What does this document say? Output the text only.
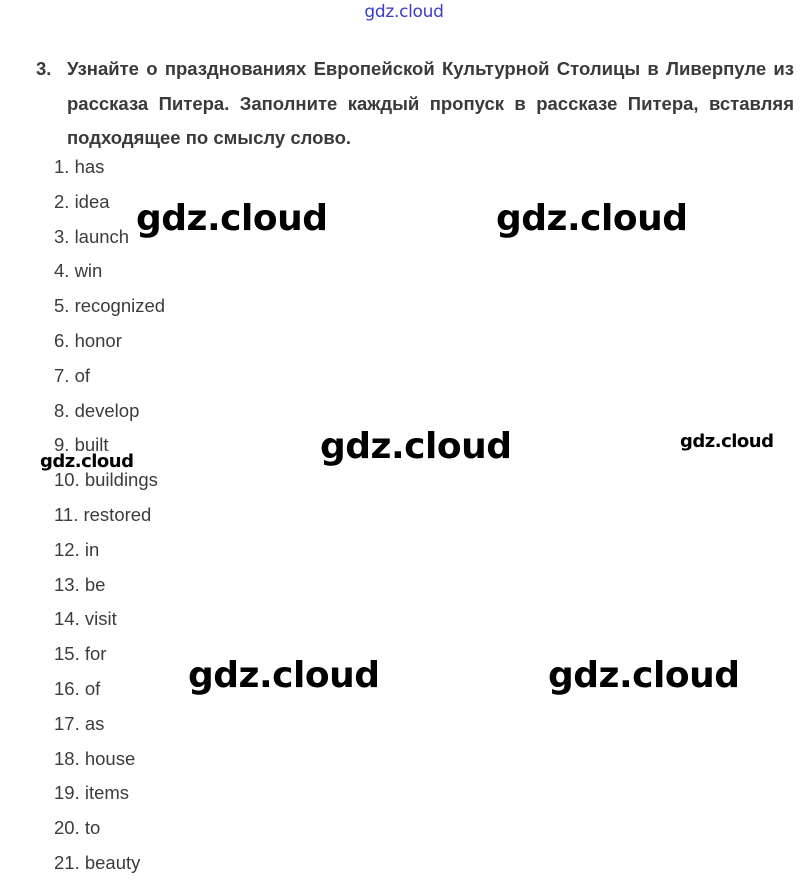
gdz.cloud
3. Узнайте о празднованиях Европейской Культурной Столицы в Ливерпуле из рассказа Питера. Заполните каждый пропуск в рассказе Питера, вставляя подходящее по смыслу слово.
1. has
2. idea
3. launch
4. win
5. recognized
6. honor
7. of
8. develop
9. built
10. buildings
11. restored
12. in
13. be
14. visit
15. for
16. of
17. as
18. house
19. items
20. to
21. beauty
gdz.cloud	gdz.cloud
gdz.cloud	gdz.cloud
gdz.cloud
gdz.cloud	gdz.cloud
